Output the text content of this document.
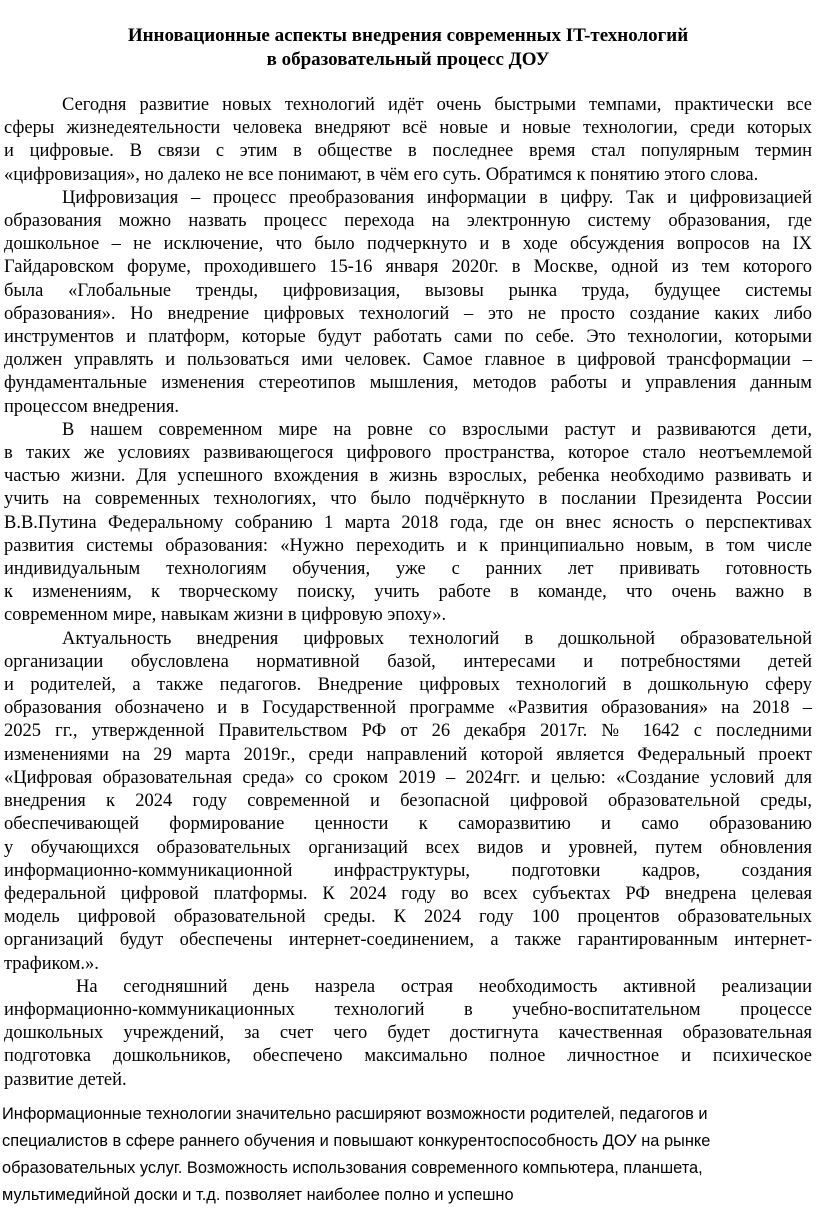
Инновационные аспекты внедрения современных IT-технологий
в образовательный процесс ДОУ
Сегодня развитие новых технологий идёт очень быстрыми темпами, практически все
сферы жизнедеятельности человека внедряют всё новые и новые технологии, среди которых
и цифровые. В связи с этим в обществе в последнее время стал популярным термин
«цифровизация», но далеко не все понимают, в чём его суть. Обратимся к понятию этого слова.
Цифровизация – процесс преобразования информации в цифру. Так и цифровизацией
образования можно назвать процесс перехода на электронную систему образования, где
дошкольное – не исключение, что было подчеркнуто и в ходе обсуждения вопросов на IX
Гайдаровском форуме, проходившего 15-16 января 2020г. в Москве, одной из тем которого
была «Глобальные тренды, цифровизация, вызовы рынка труда, будущее системы
образования». Но внедрение цифровых технологий – это не просто создание каких либо
инструментов и платформ, которые будут работать сами по себе. Это технологии, которыми
должен управлять и пользоваться ими человек. Самое главное в цифровой трансформации –
фундаментальные изменения стереотипов мышления, методов работы и управления данным
процессом внедрения.
В нашем современном мире на ровне со взрослыми растут и развиваются дети,
в таких же условиях развивающегося цифрового пространства, которое стало неотъемлемой
частью жизни. Для успешного вхождения в жизнь взрослых, ребенка необходимо развивать и
учить на современных технологиях, что было подчёркнуто в послании Президента России
В.В.Путина Федеральному собранию 1 марта 2018 года, где он внес ясность о перспективах
развития системы образования: «Нужно переходить и к принципиально новым, в том числе
индивидуальным технологиям обучения, уже с ранних лет прививать готовность
к изменениям, к творческому поиску, учить работе в команде, что очень важно в
современном мире, навыкам жизни в цифровую эпоху».
Актуальность внедрения цифровых технологий в дошкольной образовательной
организации обусловлена нормативной базой, интересами и потребностями детей
и родителей, а также педагогов. Внедрение цифровых технологий в дошкольную сферу
образования обозначено и в Государственной программе «Развития образования» на 2018 –
2025 гг., утвержденной Правительством РФ от 26 декабря 2017г. № 1642 с последними
изменениями на 29 марта 2019г., среди направлений которой является Федеральный проект
«Цифровая образовательная среда» со сроком 2019 – 2024гг. и целью: «Создание условий для
внедрения к 2024 году современной и безопасной цифровой образовательной среды,
обеспечивающей формирование ценности к саморазвитию и само образованию
у обучающихся образовательных организаций всех видов и уровней, путем обновления
информационно-коммуникационной инфраструктуры, подготовки кадров, создания
федеральной цифровой платформы. К 2024 году во всех субъектах РФ внедрена целевая
модель цифровой образовательной среды. К 2024 году 100 процентов образовательных
организаций будут обеспечены интернет-соединением, а также гарантированным интернет-
трафиком.».
На сегодняшний день назрела острая необходимость активной реализации
информационно-коммуникационных технологий в учебно-воспитательном процессе
дошкольных учреждений, за счет чего будет достигнута качественная образовательная
подготовка дошкольников, обеспечено максимально полное личностное и психическое
развитие детей.
Информационные технологии значительно расширяют возможности родителей, педагогов и
специалистов в сфере раннего обучения и повышают конкурентоспособность ДОУ на рынке
образовательных услуг. Возможность использования современного компьютера, планшета,
мультимедийной доски и т.д. позволяет наиболее полно и успешно
